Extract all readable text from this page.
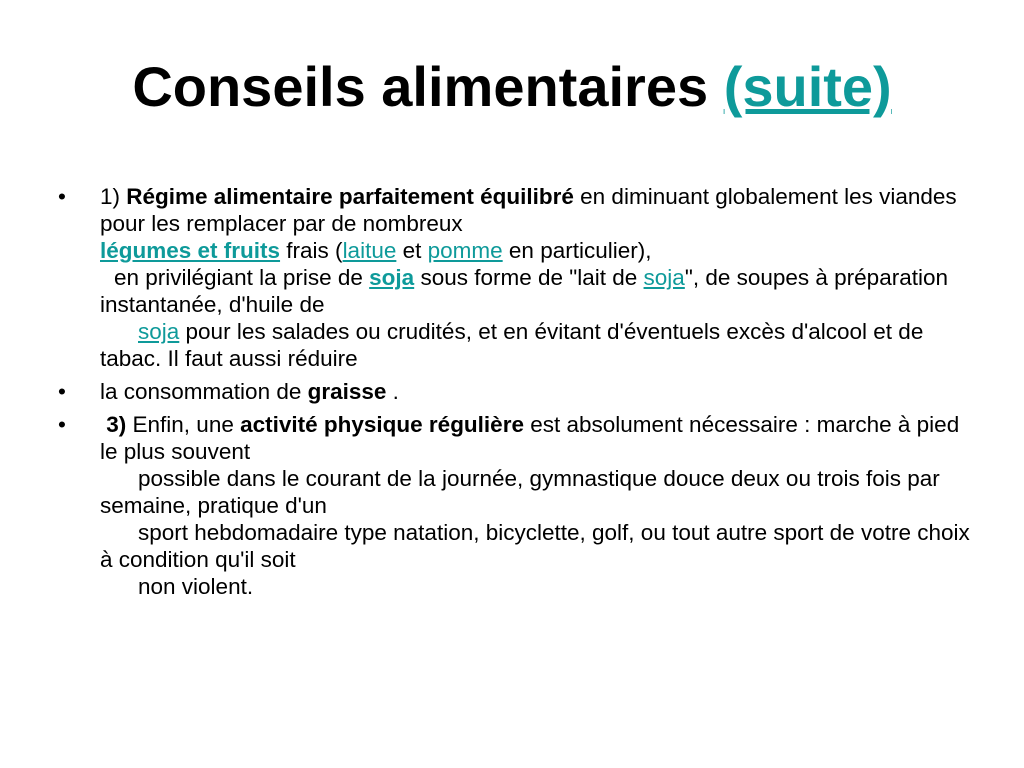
Conseils alimentaires (suite)
• 1) Régime alimentaire parfaitement équilibré en diminuant globalement les viandes pour les remplacer par de nombreux
légumes et fruits frais (laitue et pomme en particulier),
en privilégiant la prise de soja sous forme de "lait de soja", de soupes à préparation instantanée, d'huile de
soja pour les salades ou crudités, et en évitant d'éventuels excès d'alcool et de tabac. Il faut aussi réduire
• la consommation de graisse .
• 3) Enfin, une activité physique régulière est absolument nécessaire : marche à pied le plus souvent
possible dans le courant de la journée, gymnastique douce deux ou trois fois par semaine, pratique d'un
sport hebdomadaire type natation, bicyclette, golf, ou tout autre sport de votre choix à condition qu'il soit
non violent.
